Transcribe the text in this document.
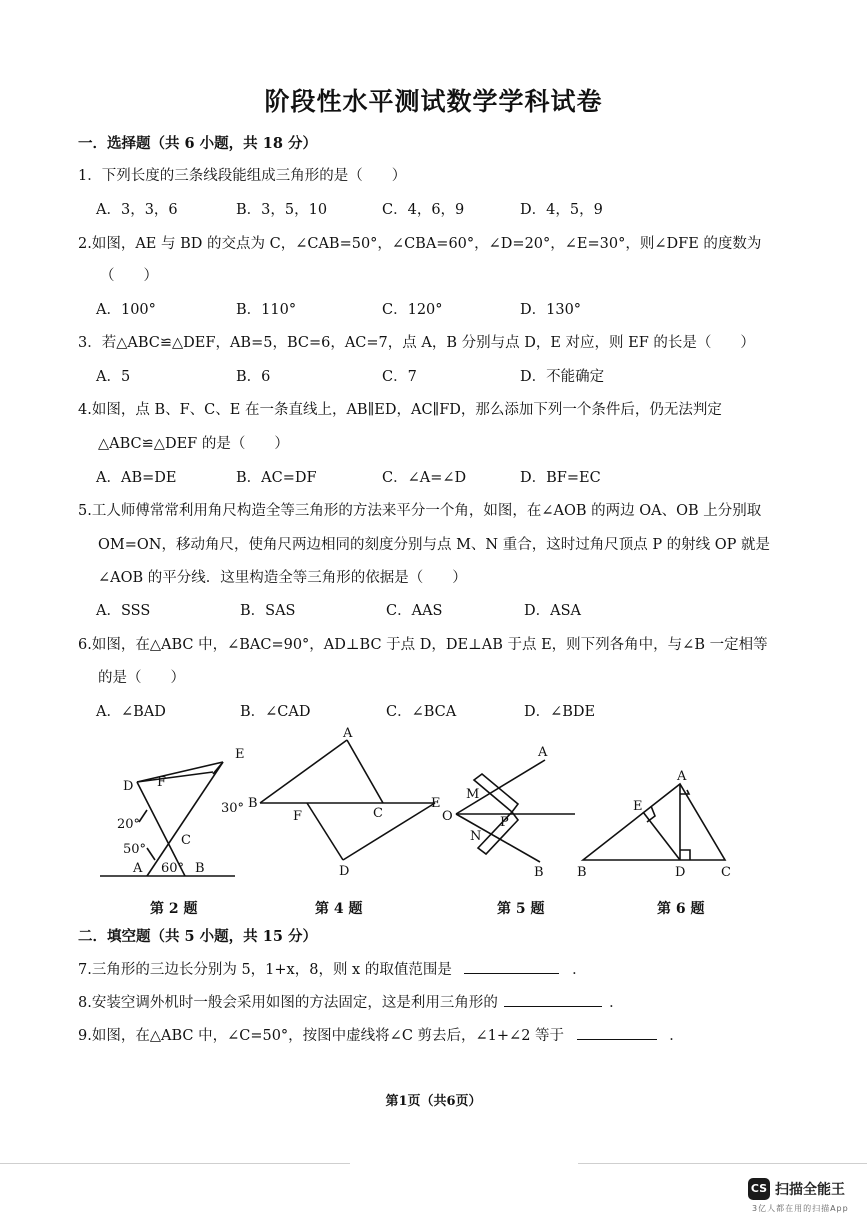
阶段性水平测试数学学科试卷
一．选择题（共 6 小题，共 18 分）
1．下列长度的三条线段能组成三角形的是（　　）
A．3，3，6	B．3，5，10	C．4，6，9	D．4，5，9
2.如图，AE 与 BD 的交点为 C，∠CAB=50°，∠CBA=60°，∠D=20°，∠E=30°，则∠DFE 的度数为
（　　）
A．100°	B．110°	C．120°	D．130°
3．若△ABC≌△DEF，AB=5，BC=6，AC=7，点 A，B 分别与点 D，E 对应，则 EF 的长是（　　）
A．5	B．6	C．7	D．不能确定
4.如图，点 B、F、C、E 在一条直线上，AB∥ED，AC∥FD，那么添加下列一个条件后，仍无法判定
△ABC≌△DEF 的是（　　）
A．AB=DE	B．AC=DF	C．∠A=∠D	D．BF=EC
5.工人师傅常常利用角尺构造全等三角形的方法来平分一个角，如图，在∠AOB 的两边 OA、OB 上分别取
OM=ON，移动角尺，使角尺两边相同的刻度分别与点 M、N 重合，这时过角尺顶点 P 的射线 OP 就是
∠AOB 的平分线．这里构造全等三角形的依据是（　　）
A．SSS	B．SAS	C．AAS	D．ASA
6.如图，在△ABC 中，∠BAC=90°，AD⊥BC 于点 D，DE⊥AB 于点 E，则下列各角中，与∠B 一定相等
的是（　　）
A．∠BAD	B．∠CAD	C．∠BCA	D．∠BDE
E
D F
C
A	B
20°
50°
60°
30°
A
B
C
E
F
D
A
B
O
M
N
P
A
E
B	D	C
第 2 题	第 4 题	第 5 题	第 6 题
二．填空题（共 5 小题，共 15 分）
7.三角形的三边长分别为 5，1+x，8，则 x 的取值范围是	．
8.安装空调外机时一般会采用如图的方法固定，这是利用三角形的	．
9.如图，在△ABC 中，∠C=50°，按图中虚线将∠C 剪去后，∠1+∠2 等于	．
第1页（共6页）
CS 扫描全能王
3亿人都在用的扫描App
